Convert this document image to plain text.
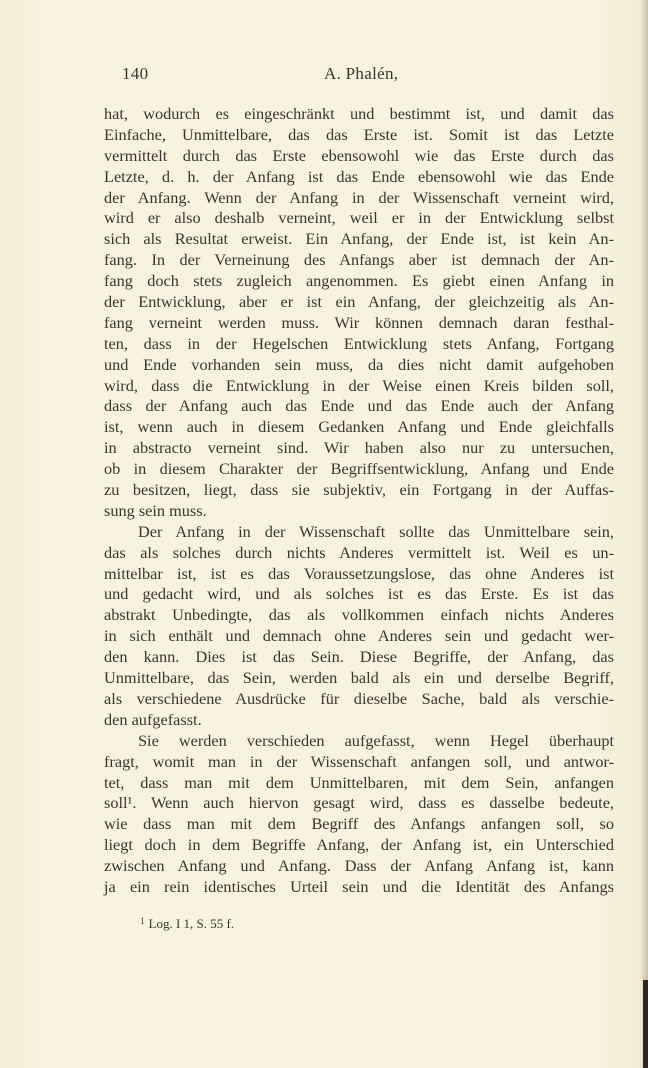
140	A. Phalén,
hat, wodurch es eingeschränkt und bestimmt ist, und damit das
Einfache, Unmittelbare, das das Erste ist. Somit ist das Letzte
vermittelt durch das Erste ebensowohl wie das Erste durch das
Letzte, d. h. der Anfang ist das Ende ebensowohl wie das Ende
der Anfang. Wenn der Anfang in der Wissenschaft verneint wird,
wird er also deshalb verneint, weil er in der Entwicklung selbst
sich als Resultat erweist. Ein Anfang, der Ende ist, ist kein An-
fang. In der Verneinung des Anfangs aber ist demnach der An-
fang doch stets zugleich angenommen. Es giebt einen Anfang in
der Entwicklung, aber er ist ein Anfang, der gleichzeitig als An-
fang verneint werden muss. Wir können demnach daran festhal-
ten, dass in der Hegelschen Entwicklung stets Anfang, Fortgang
und Ende vorhanden sein muss, da dies nicht damit aufgehoben
wird, dass die Entwicklung in der Weise einen Kreis bilden soll,
dass der Anfang auch das Ende und das Ende auch der Anfang
ist, wenn auch in diesem Gedanken Anfang und Ende gleichfalls
in abstracto verneint sind. Wir haben also nur zu untersuchen,
ob in diesem Charakter der Begriffsentwicklung, Anfang und Ende
zu besitzen, liegt, dass sie subjektiv, ein Fortgang in der Auffas-
sung sein muss.
Der Anfang in der Wissenschaft sollte das Unmittelbare sein,
das als solches durch nichts Anderes vermittelt ist. Weil es un-
mittelbar ist, ist es das Voraussetzungslose, das ohne Anderes ist
und gedacht wird, und als solches ist es das Erste. Es ist das
abstrakt Unbedingte, das als vollkommen einfach nichts Anderes
in sich enthält und demnach ohne Anderes sein und gedacht wer-
den kann. Dies ist das Sein. Diese Begriffe, der Anfang, das
Unmittelbare, das Sein, werden bald als ein und derselbe Begriff,
als verschiedene Ausdrücke für dieselbe Sache, bald als verschie-
den aufgefasst.
Sie werden verschieden aufgefasst, wenn Hegel überhaupt
fragt, womit man in der Wissenschaft anfangen soll, und antwor-
tet, dass man mit dem Unmittelbaren, mit dem Sein, anfangen
soll¹. Wenn auch hiervon gesagt wird, dass es dasselbe bedeute,
wie dass man mit dem Begriff des Anfangs anfangen soll, so
liegt doch in dem Begriffe Anfang, der Anfang ist, ein Unterschied
zwischen Anfang und Anfang. Dass der Anfang Anfang ist, kann
ja ein rein identisches Urteil sein und die Identität des Anfangs
$^1$ Log. I 1, S. 55 f.
